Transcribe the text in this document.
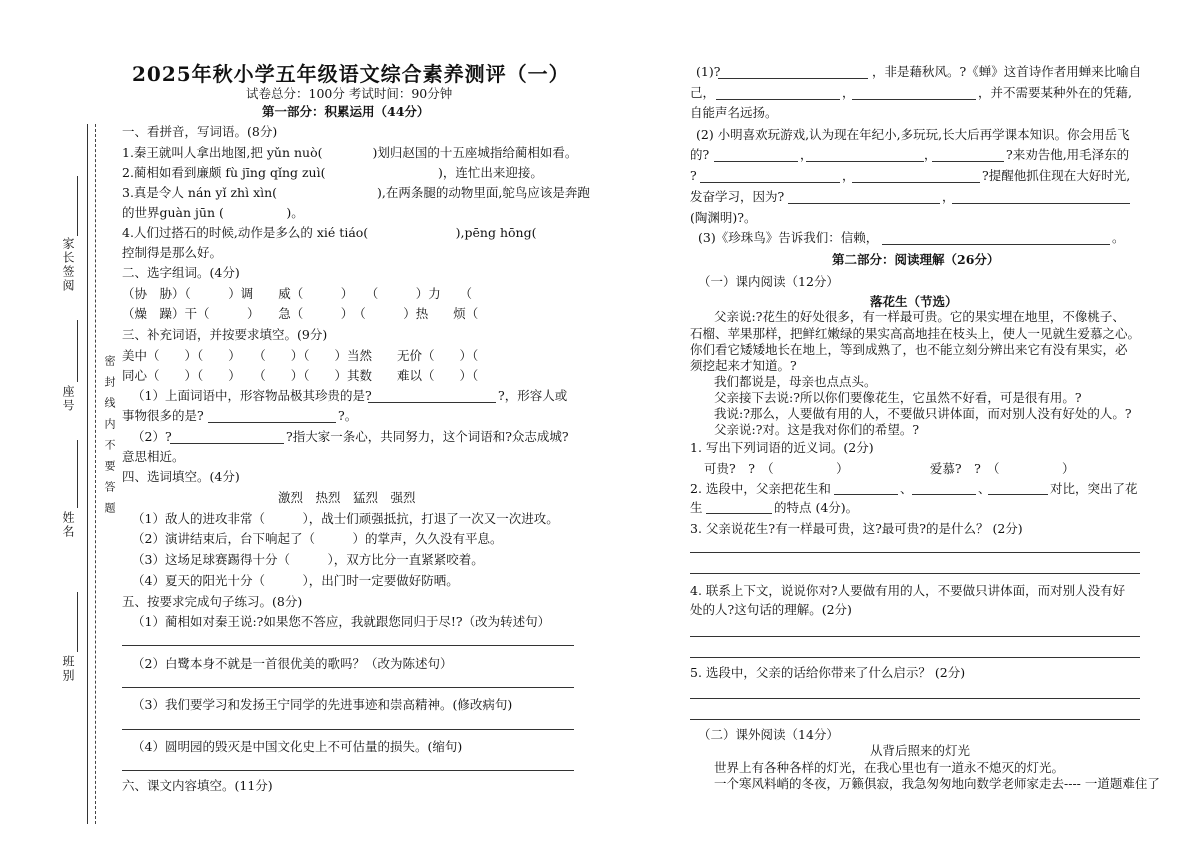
2025年秋小学五年级语文综合素养测评（一）
试卷总分：100分 考试时间：90分钟
第一部分：积累运用（44分）
家长签阅
座号
姓名
班别
密封线内不要答题
一、看拼音，写词语。(8分)
1.秦王就叫人拿出地图,把 yǔn nuò(　　　　)划归赵国的十五座城指给蔺相如看。
2.蔺相如看到廉颇 fù jīng qǐng zuì(　　　　　　　　　)，连忙出来迎接。
3.真是令人 nán yǐ zhì xìn(　　　　　　　　),在两条腿的动物里面,鸵鸟应该是奔跑
的世界guàn jūn (　　　　　)。
4.人们过搭石的时候,动作是多么的 xié tiáo(　　　　　　　),pēng hōng(
控制得是那么好。
二、选字组词。(4分)
（协　胁）（　　　）调　　威（　　　）　　（　　　）力　　（
（燥　躁）干（　　　）　　急（　　　）　（　　　）热　　烦（
三、补充词语，并按要求填空。(9分)
美中（　　）（　　）　　（　　）（　　）当然　　无价（　　）（
同心（　　）（　　）　　（　　）（　　）其数　　难以（　　）（
（1）上面词语中，形容物品极其珍贵的是?	?，形容人或
事物很多的是?	?。
（2）?	?指大家一条心，共同努力，这个词语和?众志成城?
意思相近。
四、选词填空。(4分)
激烈　热烈　猛烈　强烈
（1）敌人的进攻非常（　　　），战士们顽强抵抗，打退了一次又一次进攻。
（2）演讲结束后，台下响起了（　　　）的掌声，久久没有平息。
（3）这场足球赛踢得十分（　　　），双方比分一直紧紧咬着。
（4）夏天的阳光十分（　　　），出门时一定要做好防晒。
五、按要求完成句子练习。(8分)
（1）蔺相如对秦王说:?如果您不答应，我就跟您同归于尽!?（改为转述句）
（2）白鹭本身不就是一首很优美的歌吗？（改为陈述句）
（3）我们要学习和发扬王宁同学的先进事迹和崇高精神。(修改病句)
（4）圆明园的毁灭是中国文化史上不可估量的损失。(缩句)
六、课文内容填空。(11分)
(1)?	，非是藉秋风。?《蝉》这首诗作者用蝉来比喻自
己，	，	，并不需要某种外在的凭藉,
自能声名远扬。
(2) 小明喜欢玩游戏,认为现在年纪小,多玩玩,长大后再学课本知识。你会用岳飞
的?	，	，	?来劝告他,用毛泽东的
?	，	?提醒他抓住现在大好时光,
发奋学习，因为?	，
(陶渊明)?。
(3)《珍珠鸟》告诉我们：信赖，	。
第二部分：阅读理解（26分）
（一）课内阅读（12分）
落花生（节选）
父亲说:?花生的好处很多，有一样最可贵。它的果实埋在地里，不像桃子、
石榴、苹果那样，把鲜红嫩绿的果实高高地挂在枝头上，使人一见就生爱慕之心。
你们看它矮矮地长在地上，等到成熟了，也不能立刻分辨出来它有没有果实，必
须挖起来才知道。?
我们都说是，母亲也点点头。
父亲接下去说:?所以你们要像花生，它虽然不好看，可是很有用。?
我说:?那么，人要做有用的人，不要做只讲体面，而对别人没有好处的人。?
父亲说:?对。这是我对你们的希望。?
1. 写出下列词语的近义词。(2分)
可贵?　?　（　　　　　）　　　　　　　爱慕?　?　（　　　　　）
2. 选段中，父亲把花生和	、	、	对比，突出了花
生	的特点 (4分)。
3. 父亲说花生?有一样最可贵，这?最可贵?的是什么？ (2分)
4. 联系上下文，说说你对?人要做有用的人，不要做只讲体面，而对别人没有好
处的人?这句话的理解。(2分)
5. 选段中，父亲的话给你带来了什么启示？ (2分)
（二）课外阅读（14分）
从背后照来的灯光
世界上有各种各样的灯光，在我心里也有一道永不熄灭的灯光。
一个寒风料峭的冬夜，万籁俱寂，我急匆匆地向数学老师家走去---- 一道题难住了
